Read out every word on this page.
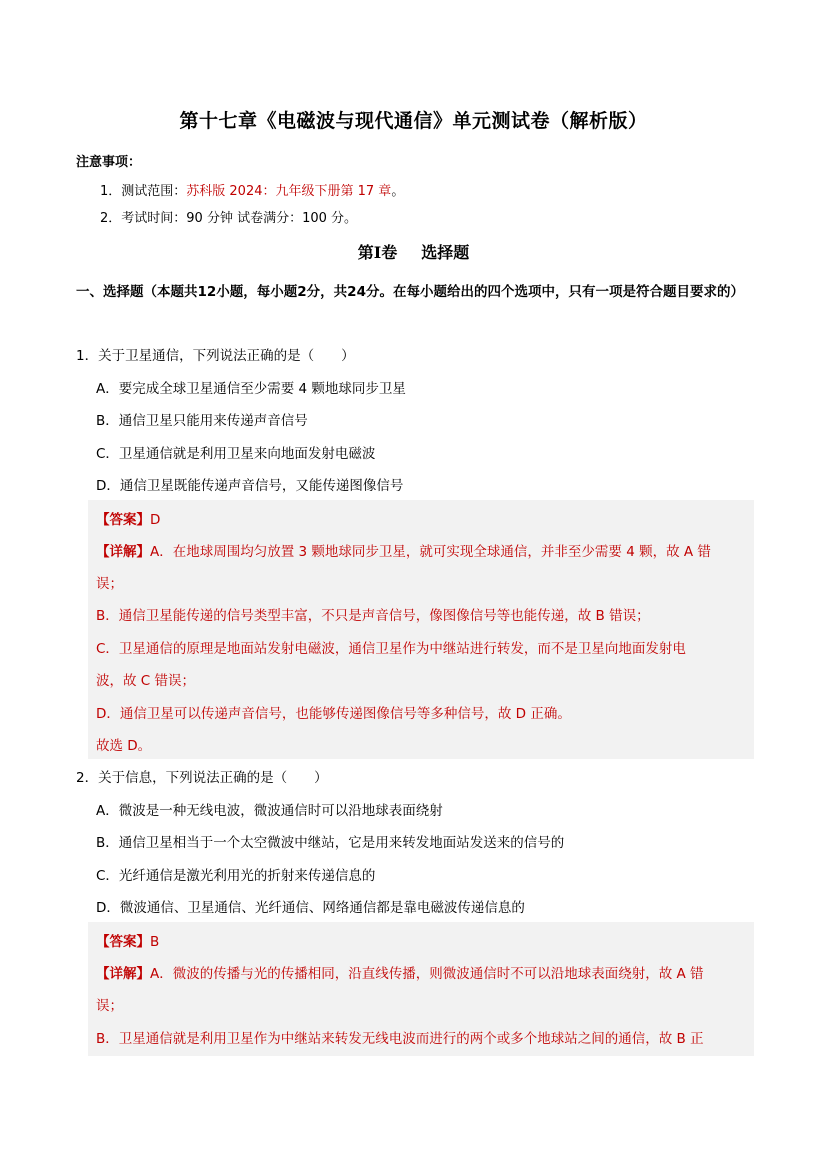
第十七章《电磁波与现代通信》单元测试卷（解析版）
注意事项：
1．测试范围：苏科版 2024：九年级下册第 17 章。
2．考试时间：90 分钟 试卷满分：100 分。
第Ⅰ卷 选择题
一、选择题（本题共12小题，每小题2分，共24分。在每小题给出的四个选项中，只有一项是符合题目要求的）
1．关于卫星通信，下列说法正确的是（　　）
A．要完成全球卫星通信至少需要 4 颗地球同步卫星
B．通信卫星只能用来传递声音信号
C．卫星通信就是利用卫星来向地面发射电磁波
D．通信卫星既能传递声音信号，又能传递图像信号
【答案】D
【详解】A．在地球周围均匀放置 3 颗地球同步卫星，就可实现全球通信，并非至少需要 4 颗，故 A 错
误；
B．通信卫星能传递的信号类型丰富，不只是声音信号，像图像信号等也能传递，故 B 错误；
C．卫星通信的原理是地面站发射电磁波，通信卫星作为中继站进行转发，而不是卫星向地面发射电
波，故 C 错误；
D．通信卫星可以传递声音信号，也能够传递图像信号等多种信号，故 D 正确。
故选 D。
2．关于信息，下列说法正确的是（　　）
A．微波是一种无线电波，微波通信时可以沿地球表面绕射
B．通信卫星相当于一个太空微波中继站，它是用来转发地面站发送来的信号的
C．光纤通信是激光利用光的折射来传递信息的
D．微波通信、卫星通信、光纤通信、网络通信都是靠电磁波传递信息的
【答案】B
【详解】A．微波的传播与光的传播相同，沿直线传播，则微波通信时不可以沿地球表面绕射，故 A 错
误；
B．卫星通信就是利用卫星作为中继站来转发无线电波而进行的两个或多个地球站之间的通信，故 B 正
